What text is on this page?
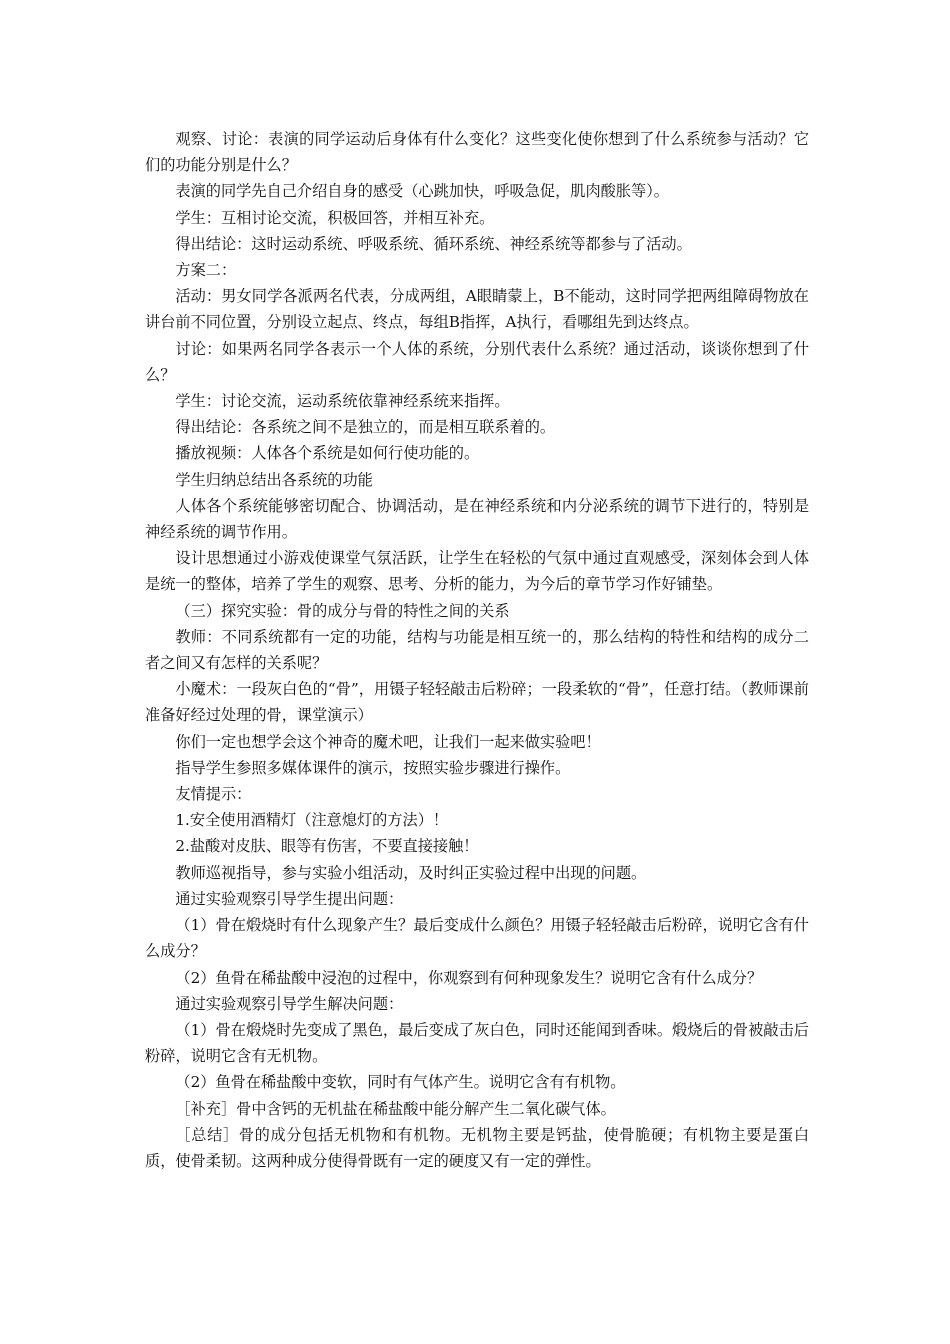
观察、讨论：表演的同学运动后身体有什么变化？这些变化使你想到了什么系统参与活动？它们的功能分别是什么？

表演的同学先自己介绍自身的感受（心跳加快，呼吸急促，肌肉酸胀等）。

学生：互相讨论交流，积极回答，并相互补充。

得出结论：这时运动系统、呼吸系统、循环系统、神经系统等都参与了活动。

方案二：

活动：男女同学各派两名代表，分成两组，A眼睛蒙上，B不能动，这时同学把两组障碍物放在讲台前不同位置，分别设立起点、终点，每组B指挥，A执行，看哪组先到达终点。

讨论：如果两名同学各表示一个人体的系统，分别代表什么系统？通过活动，谈谈你想到了什么？

学生：讨论交流，运动系统依靠神经系统来指挥。

得出结论：各系统之间不是独立的，而是相互联系着的。

播放视频：人体各个系统是如何行使功能的。

学生归纳总结出各系统的功能

人体各个系统能够密切配合、协调活动，是在神经系统和内分泌系统的调节下进行的，特别是神经系统的调节作用。

设计思想通过小游戏使课堂气氛活跃，让学生在轻松的气氛中通过直观感受，深刻体会到人体是统一的整体，培养了学生的观察、思考、分析的能力，为今后的章节学习作好铺垫。

（三）探究实验：骨的成分与骨的特性之间的关系

教师：不同系统都有一定的功能，结构与功能是相互统一的，那么结构的特性和结构的成分二者之间又有怎样的关系呢？

小魔术：一段灰白色的“骨”，用镊子轻轻敲击后粉碎；一段柔软的“骨”，任意打结。（教师课前准备好经过处理的骨，课堂演示）

你们一定也想学会这个神奇的魔术吧，让我们一起来做实验吧！

指导学生参照多媒体课件的演示，按照实验步骤进行操作。

友情提示：

1.安全使用酒精灯（注意熄灯的方法）！

2.盐酸对皮肤、眼等有伤害，不要直接接触！

教师巡视指导，参与实验小组活动，及时纠正实验过程中出现的问题。

通过实验观察引导学生提出问题：

（1）骨在煅烧时有什么现象产生？最后变成什么颜色？用镊子轻轻敲击后粉碎，说明它含有什么成分？

（2）鱼骨在稀盐酸中浸泡的过程中，你观察到有何种现象发生？说明它含有什么成分？

通过实验观察引导学生解决问题：

（1）骨在煅烧时先变成了黑色，最后变成了灰白色，同时还能闻到香味。煅烧后的骨被敲击后粉碎，说明它含有无机物。

（2）鱼骨在稀盐酸中变软，同时有气体产生。说明它含有有机物。

［补充］骨中含钙的无机盐在稀盐酸中能分解产生二氧化碳气体。

［总结］骨的成分包括无机物和有机物。无机物主要是钙盐，使骨脆硬；有机物主要是蛋白质，使骨柔韧。这两种成分使得骨既有一定的硬度又有一定的弹性。
